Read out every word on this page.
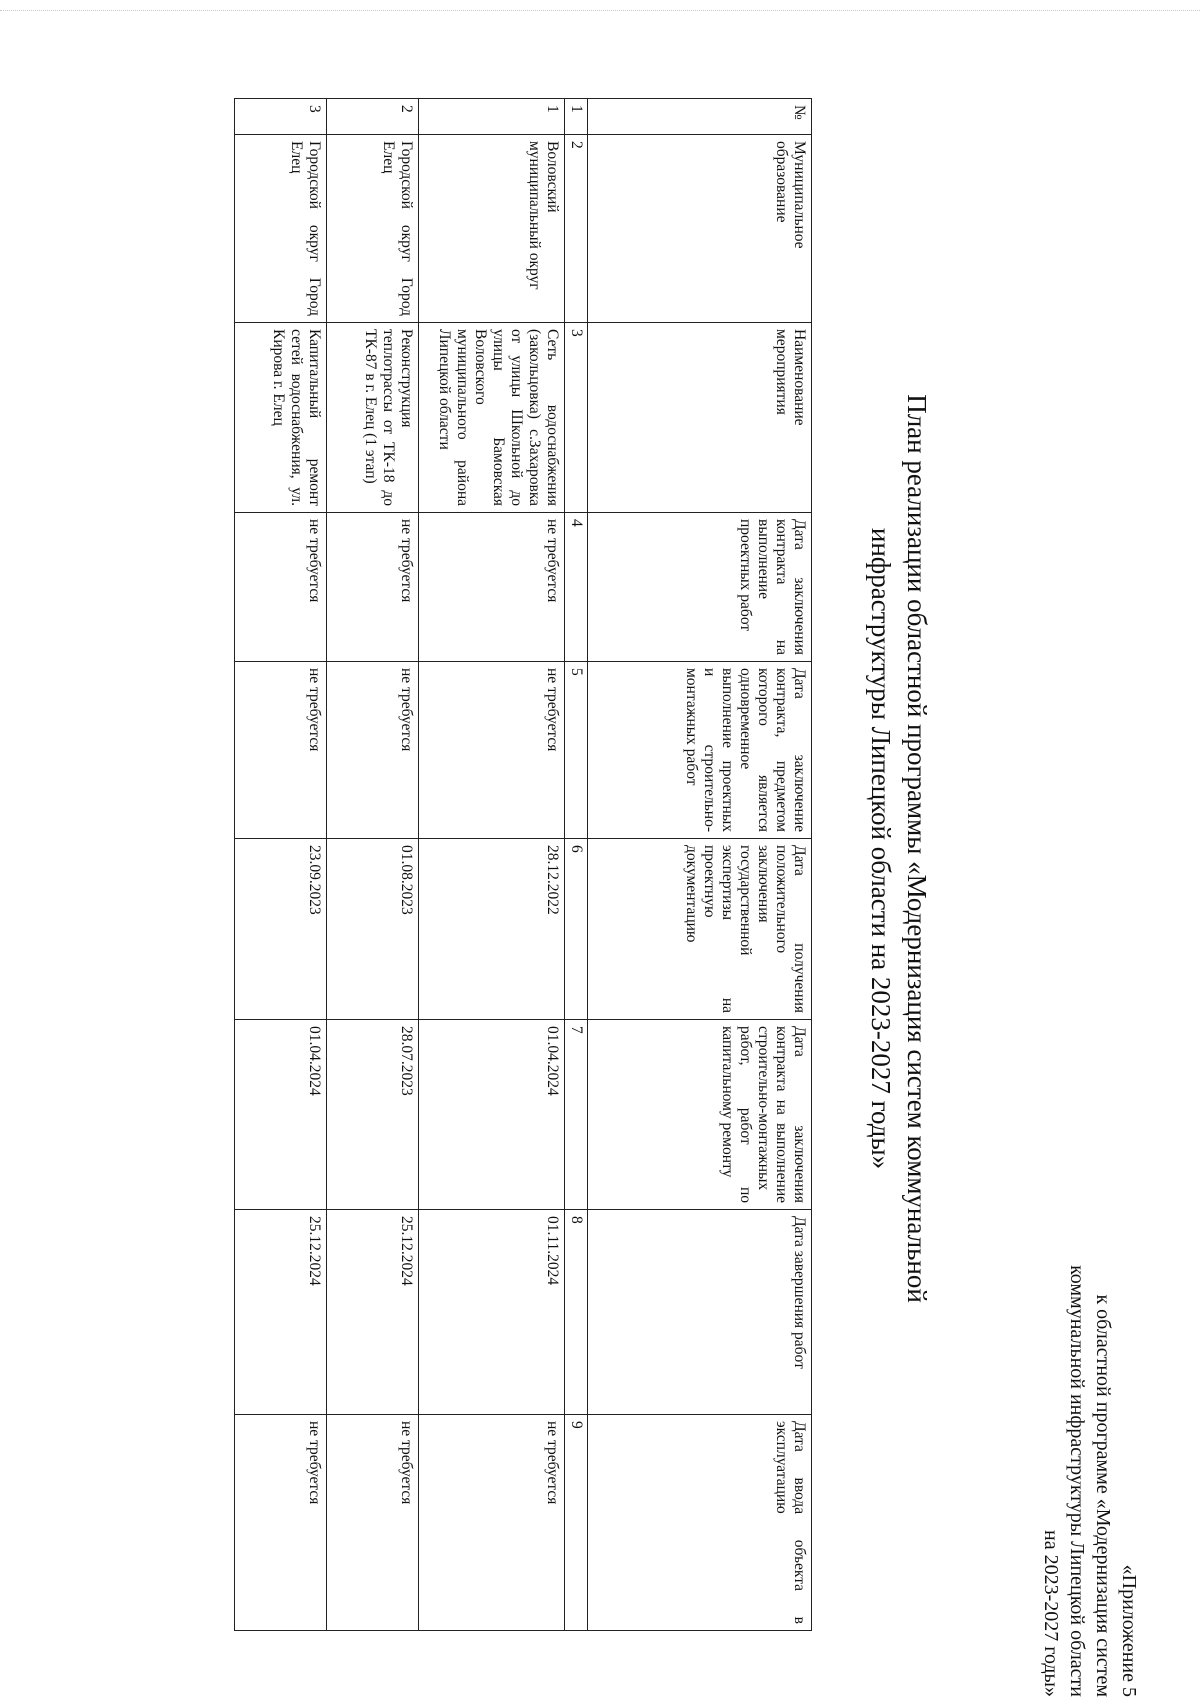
«Приложение 5
к областной программе «Модернизация систем
коммунальной инфраструктуры Липецкой области
на 2023-2027 годы»
План реализации областной программы «Модернизация систем коммунальной
инфраструктуры Липецкой области на 2023-2027 годы»
№	Муниципальное образование	Наименование мероприятия	Дата заключения контракта на выполнение проектных работ	Дата заключение контракта, предметом которого является одновременное выполнение проектных и строительно-монтажных работ	Дата получения положительного заключения государственной экспертизы на проектную документацию	Дата заключения контракта на выполнение строительно-монтажных работ, работ по капитальному ремонту	Дата завершения работ	Дата ввода объекта в эксплуатацию
1	2	3	4	5	6	7	8	9
1	Воловский муниципальный округ	Сеть водоснабжения (закольцовка) с.Захаровка от улицы Школьной до улицы Бамовская Воловского муниципального района Липецкой области	не требуется	не требуется	28.12.2022	01.04.2024	01.11.2024	не требуется
2	Городской округ Город Елец	Реконструкция теплотрассы от ТК-18 до ТК-87 в г. Елец (1 этап)	не требуется	не требуется	01.08.2023	28.07.2023	25.12.2024	не требуется
3	Городской округ Город Елец	Капитальный ремонт сетей водоснабжения, ул. Кирова г. Елец	не требуется	не требуется	23.09.2023	01.04.2024	25.12.2024	не требуется
